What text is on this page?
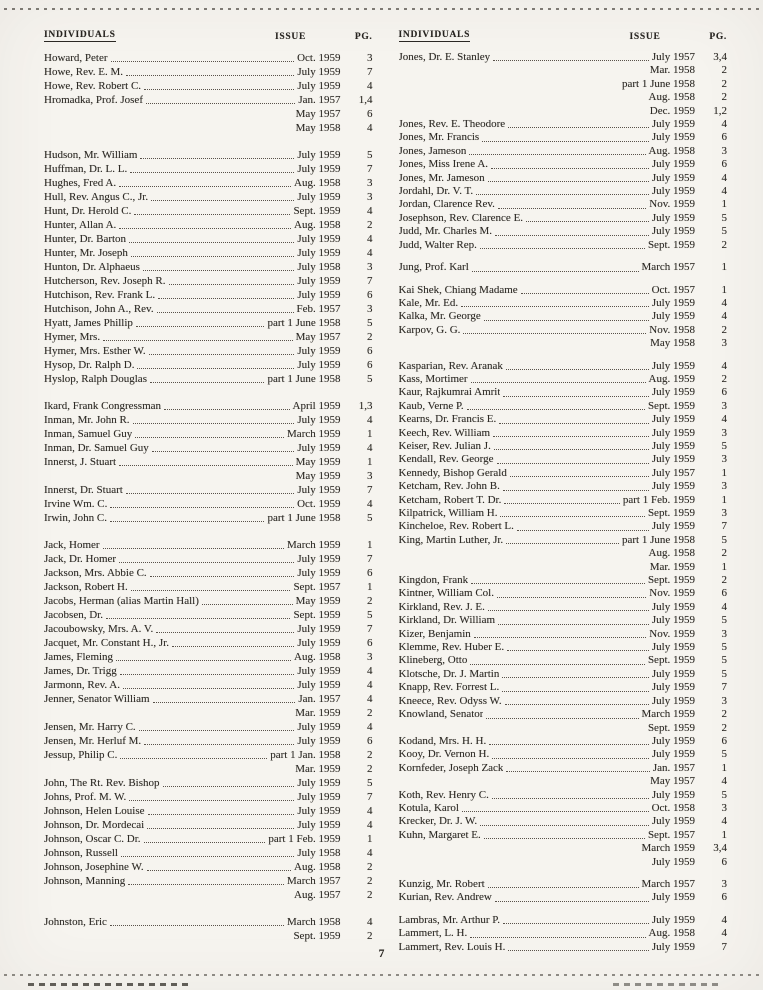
INDIVIDUALS	ISSUE	PG.
Howard, Peter	Oct. 1959	3
Howe, Rev. E. M.	July 1959	7
Howe, Rev. Robert C.	July 1959	4
Hromadka, Prof. Josef	Jan. 1957	1,4
May 1957	6
May 1958	4
Hudson, Mr. William	July 1959	5
Huffman, Dr. L. L.	July 1959	7
Hughes, Fred A.	Aug. 1958	3
Hull, Rev. Angus C., Jr.	July 1959	3
Hunt, Dr. Herold C.	Sept. 1959	4
Hunter, Allan A.	Aug. 1958	2
Hunter, Dr. Barton	July 1959	4
Hunter, Mr. Joseph	July 1959	4
Hunton, Dr. Alphaeus	July 1958	3
Hutcherson, Rev. Joseph R.	July 1959	7
Hutchison, Rev. Frank L.	July 1959	6
Hutchison, John A., Rev.	Feb. 1957	3
Hyatt, James Phillip	part 1 June 1958	5
Hymer, Mrs.	May 1957	2
Hymer, Mrs. Esther W.	July 1959	6
Hysop, Dr. Ralph D.	July 1959	6
Hyslop, Ralph Douglas	part 1 June 1958	5
Ikard, Frank Congressman	April 1959	1,3
Inman, Mr. John R.	July 1959	4
Inman, Samuel Guy	March 1959	1
Inman, Dr. Samuel Guy	July 1959	4
Innerst, J. Stuart	May 1959	1
May 1959	3
Innerst, Dr. Stuart	July 1959	7
Irvine Wm. C.	Oct. 1959	4
Irwin, John C.	part 1 June 1958	5
Jack, Homer	March 1959	1
Jack, Dr. Homer	July 1959	7
Jackson, Mrs. Abbie C.	July 1959	6
Jackson, Robert H.	Sept. 1957	1
Jacobs, Herman (alias Martin Hall)	May 1959	2
Jacobsen, Dr.	Sept. 1959	5
Jacoubowsky, Mrs. A. V.	July 1959	7
Jacquet, Mr. Constant H., Jr.	July 1959	6
James, Fleming	Aug. 1958	3
James, Dr. Trigg	July 1959	4
Jarmonn, Rev. A.	July 1959	4
Jenner, Senator William	Jan. 1957	4
Mar. 1959	2
Jensen, Mr. Harry C.	July 1959	4
Jensen, Mr. Herluf M.	July 1959	6
Jessup, Philip C.	part 1 Jan. 1958	2
Mar. 1959	2
John, The Rt. Rev. Bishop	July 1959	5
Johns, Prof. M. W.	July 1959	7
Johnson, Helen Louise	July 1959	4
Johnson, Dr. Mordecai	July 1959	4
Johnson, Oscar C. Dr.	part 1 Feb. 1959	1
Johnson, Russell	July 1958	4
Johnson, Josephine W.	Aug. 1958	2
Johnson, Manning	March 1957	2
Aug. 1957	2
Johnston, Eric	March 1958	4
Sept. 1959	2
INDIVIDUALS	ISSUE	PG.
Jones, Dr. E. Stanley	July 1957	3,4
Mar. 1958	2
part 1 June 1958	2
Aug. 1958	2
Dec. 1959	1,2
Jones, Rev. E. Theodore	July 1959	4
Jones, Mr. Francis	July 1959	6
Jones, Jameson	Aug. 1958	3
Jones, Miss Irene A.	July 1959	6
Jones, Mr. Jameson	July 1959	4
Jordahl, Dr. V. T.	July 1959	4
Jordan, Clarence Rev.	Nov. 1959	1
Josephson, Rev. Clarence E.	July 1959	5
Judd, Mr. Charles M.	July 1959	5
Judd, Walter Rep.	Sept. 1959	2
Jung, Prof. Karl	March 1957	1
Kai Shek, Chiang Madame	Oct. 1957	1
Kale, Mr. Ed.	July 1959	4
Kalka, Mr. George	July 1959	4
Karpov, G. G.	Nov. 1958	2
May 1958	3
Kasparian, Rev. Aranak	July 1959	4
Kass, Mortimer	Aug. 1959	2
Kaur, Rajkumrai Amrit	July 1959	6
Kaub, Verne P.	Sept. 1959	3
Kearns, Dr. Francis E.	July 1959	4
Keech, Rev. William	July 1959	3
Keiser, Rev. Julian J.	July 1959	5
Kendall, Rev. George	July 1959	3
Kennedy, Bishop Gerald	July 1957	1
Ketcham, Rev. John B.	July 1959	3
Ketcham, Robert T. Dr.	part 1 Feb. 1959	1
Kilpatrick, William H.	Sept. 1959	3
Kincheloe, Rev. Robert L.	July 1959	7
King, Martin Luther, Jr.	part 1 June 1958	5
Aug. 1958	2
Mar. 1959	1
Kingdon, Frank	Sept. 1959	2
Kintner, William Col.	Nov. 1959	6
Kirkland, Rev. J. E.	July 1959	4
Kirkland, Dr. William	July 1959	5
Kizer, Benjamin	Nov. 1959	3
Klemme, Rev. Huber E.	July 1959	5
Klineberg, Otto	Sept. 1959	5
Klotsche, Dr. J. Martin	July 1959	5
Knapp, Rev. Forrest L.	July 1959	7
Kneece, Rev. Odyss W.	July 1959	3
Knowland, Senator	March 1959	2
Sept. 1959	2
Kodand, Mrs. H. H.	July 1959	6
Kooy, Dr. Vernon H.	July 1959	5
Kornfeder, Joseph Zack	Jan. 1957	1
May 1957	4
Koth, Rev. Henry C.	July 1959	5
Kotula, Karol	Oct. 1958	3
Krecker, Dr. J. W.	July 1959	4
Kuhn, Margaret E.	Sept. 1957	1
March 1959	3,4
July 1959	6
Kunzig, Mr. Robert	March 1957	3
Kurian, Rev. Andrew	July 1959	6
Lambras, Mr. Arthur P.	July 1959	4
Lammert, L. H.	Aug. 1958	4
Lammert, Rev. Louis H.	July 1959	7
7
